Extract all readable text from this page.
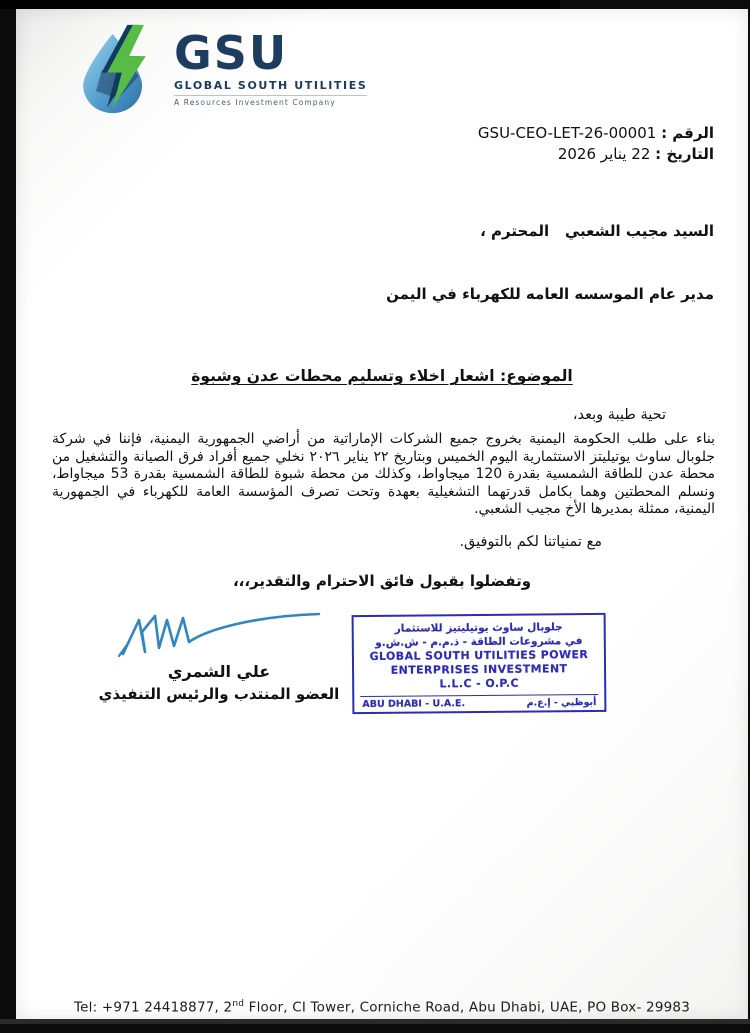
GSU
GLOBAL SOUTH UTILITIES
A Resources Investment Company
الرقم : GSU-CEO-LET-26-00001
التاريخ : 22 يناير 2026

السيد مجيب الشعبي   المحترم ،

مدير عام الموسسه العامه للكهرباء في اليمن

الموضوع: اشعار اخلاء وتسليم محطات عدن وشبوة
تحية طيبة وبعد،
بناء على طلب الحكومة اليمنية بخروج جميع الشركات الإماراتية من أراضي الجمهورية اليمنية، فإننا في شركة جلوبال ساوث يوتيليتز الاستثمارية اليوم الخميس وبتاريخ ٢٢ يناير ٢٠٢٦ نخلي جميع أفراد فرق الصيانة والتشغيل من محطة عدن للطاقة الشمسية بقدرة 120 ميجاواط، وكذلك من محطة شبوة للطاقة الشمسية بقدرة 53 ميجاواط، ونسلم المحطتين وهما بكامل قدرتهما التشغيلية بعهدة وتحت تصرف المؤسسة العامة للكهرباء في الجمهورية اليمنية، ممثلة بمديرها الأخ مجيب الشعبي.
مع تمنياتنا لكم بالتوفيق.
وتفضلوا بقبول فائق الاحترام والتقدير،،،
علي الشمري
العضو المنتدب والرئيس التنفيذي
جلوبال ساوث يوتيليتيز للاستثمار
في مشروعات الطاقة - ذ.م.م - ش.ش.و
GLOBAL SOUTH UTILITIES POWER
ENTERPRISES INVESTMENT
L.L.C - O.P.C
ABU DHABI - U.A.E.	أبوظبي - إ.ع.م
Tel: +971 24418877, 2nd Floor, CI Tower, Corniche Road, Abu Dhabi, UAE, PO Box- 29983
